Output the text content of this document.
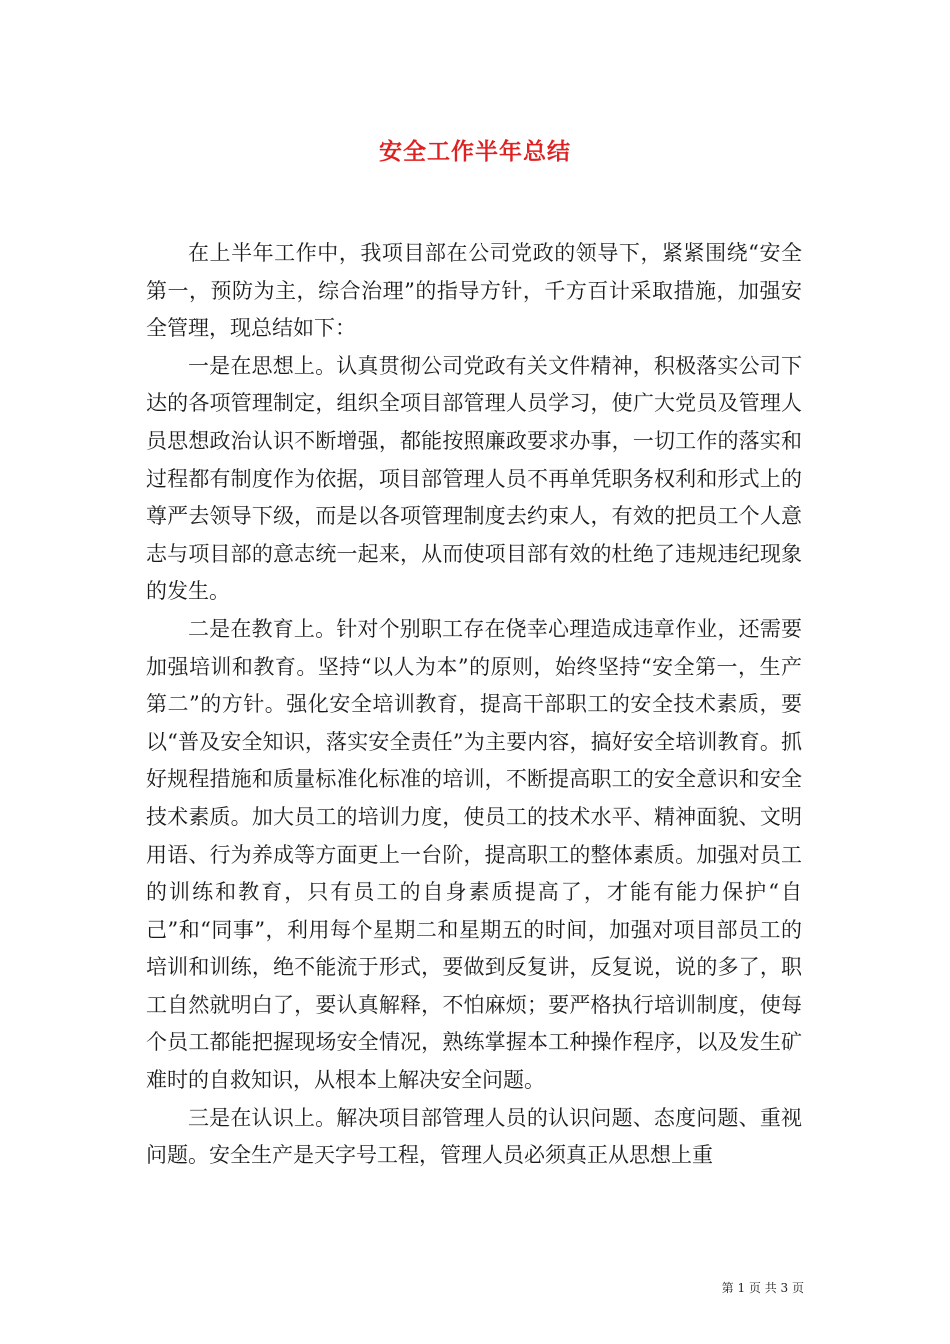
安全工作半年总结

在上半年工作中，我项目部在公司党政的领导下，紧紧围绕“安全第一，预防为主，综合治理”的指导方针，千方百计采取措施，加强安全管理，现总结如下：

一是在思想上。认真贯彻公司党政有关文件精神，积极落实公司下达的各项管理制定，组织全项目部管理人员学习，使广大党员及管理人员思想政治认识不断增强，都能按照廉政要求办事，一切工作的落实和过程都有制度作为依据，项目部管理人员不再单凭职务权利和形式上的尊严去领导下级，而是以各项管理制度去约束人，有效的把员工个人意志与项目部的意志统一起来，从而使项目部有效的杜绝了违规违纪现象的发生。

二是在教育上。针对个别职工存在侥幸心理造成违章作业，还需要加强培训和教育。坚持“以人为本”的原则，始终坚持“安全第一，生产第二”的方针。强化安全培训教育，提高干部职工的安全技术素质，要以“普及安全知识，落实安全责任”为主要内容，搞好安全培训教育。抓好规程措施和质量标准化标准的培训，不断提高职工的安全意识和安全技术素质。加大员工的培训力度，使员工的技术水平、精神面貌、文明用语、行为养成等方面更上一台阶，提高职工的整体素质。加强对员工的训练和教育，只有员工的自身素质提高了，才能有能力保护“自己”和“同事”，利用每个星期二和星期五的时间，加强对项目部员工的培训和训练，绝不能流于形式，要做到反复讲，反复说，说的多了，职工自然就明白了，要认真解释，不怕麻烦；要严格执行培训制度，使每个员工都能把握现场安全情况，熟练掌握本工种操作程序，以及发生矿难时的自救知识，从根本上解决安全问题。

三是在认识上。解决项目部管理人员的认识问题、态度问题、重视问题。安全生产是天字号工程，管理人员必须真正从思想上重

第 1 页 共 3 页
